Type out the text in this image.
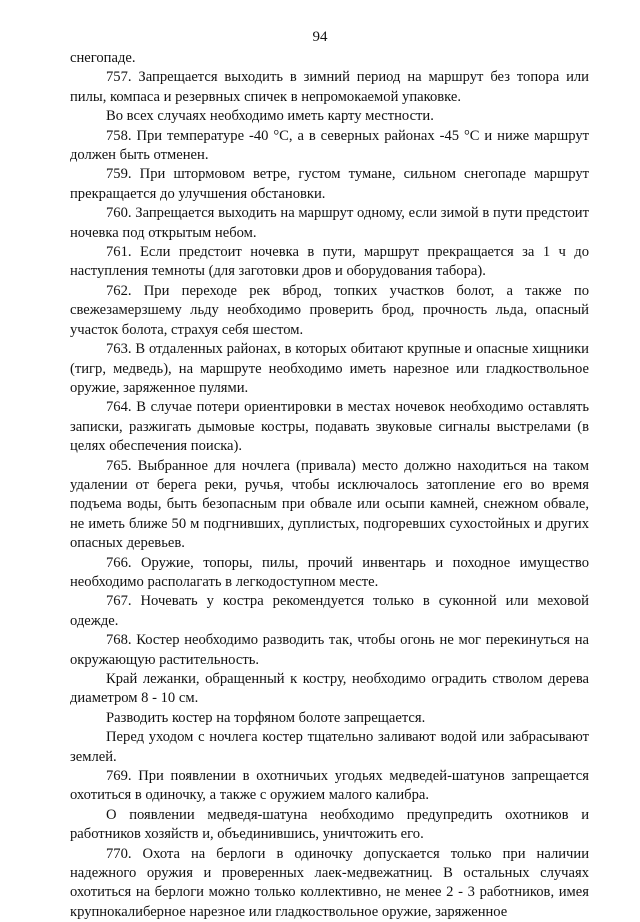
94

снегопаде.

757. Запрещается выходить в зимний период на маршрут без топора или пилы, компаса и резервных спичек в непромокаемой упаковке.

Во всех случаях необходимо иметь карту местности.

758. При температуре -40 °С, а в северных районах -45 °С и ниже маршрут должен быть отменен.

759. При штормовом ветре, густом тумане, сильном снегопаде маршрут прекращается до улучшения обстановки.

760. Запрещается выходить на маршрут одному, если зимой в пути предстоит ночевка под открытым небом.

761. Если предстоит ночевка в пути, маршрут прекращается за 1 ч до наступления темноты (для заготовки дров и оборудования табора).

762. При переходе рек вброд, топких участков болот, а также по свежезамерзшему льду необходимо проверить брод, прочность льда, опасный участок болота, страхуя себя шестом.

763. В отдаленных районах, в которых обитают крупные и опасные хищники (тигр, медведь), на маршруте необходимо иметь нарезное или гладкоствольное оружие, заряженное пулями.

764. В случае потери ориентировки в местах ночевок необходимо оставлять записки, разжигать дымовые костры, подавать звуковые сигналы выстрелами (в целях обеспечения поиска).

765. Выбранное для ночлега (привала) место должно находиться на таком удалении от берега реки, ручья, чтобы исключалось затопление его во время подъема воды, быть безопасным при обвале или осыпи камней, снежном обвале, не иметь ближе 50 м подгнивших, дуплистых, подгоревших сухостойных и других опасных деревьев.

766. Оружие, топоры, пилы, прочий инвентарь и походное имущество необходимо располагать в легкодоступном месте.

767. Ночевать у костра рекомендуется только в суконной или меховой одежде.

768. Костер необходимо разводить так, чтобы огонь не мог перекинуться на окружающую растительность.

Край лежанки, обращенный к костру, необходимо оградить стволом дерева диаметром 8 - 10 см.

Разводить костер на торфяном болоте запрещается.

Перед уходом с ночлега костер тщательно заливают водой или забрасывают землей.

769. При появлении в охотничьих угодьях медведей-шатунов запрещается охотиться в одиночку, а также с оружием малого калибра.

О появлении медведя-шатуна необходимо предупредить охотников и работников хозяйств и, объединившись, уничтожить его.

770. Охота на берлоги в одиночку допускается только при наличии надежного оружия и проверенных лаек-медвежатниц. В остальных случаях охотиться на берлоги можно только коллективно, не менее 2 - 3 работников, имея крупнокалиберное нарезное или гладкоствольное оружие, заряженное
